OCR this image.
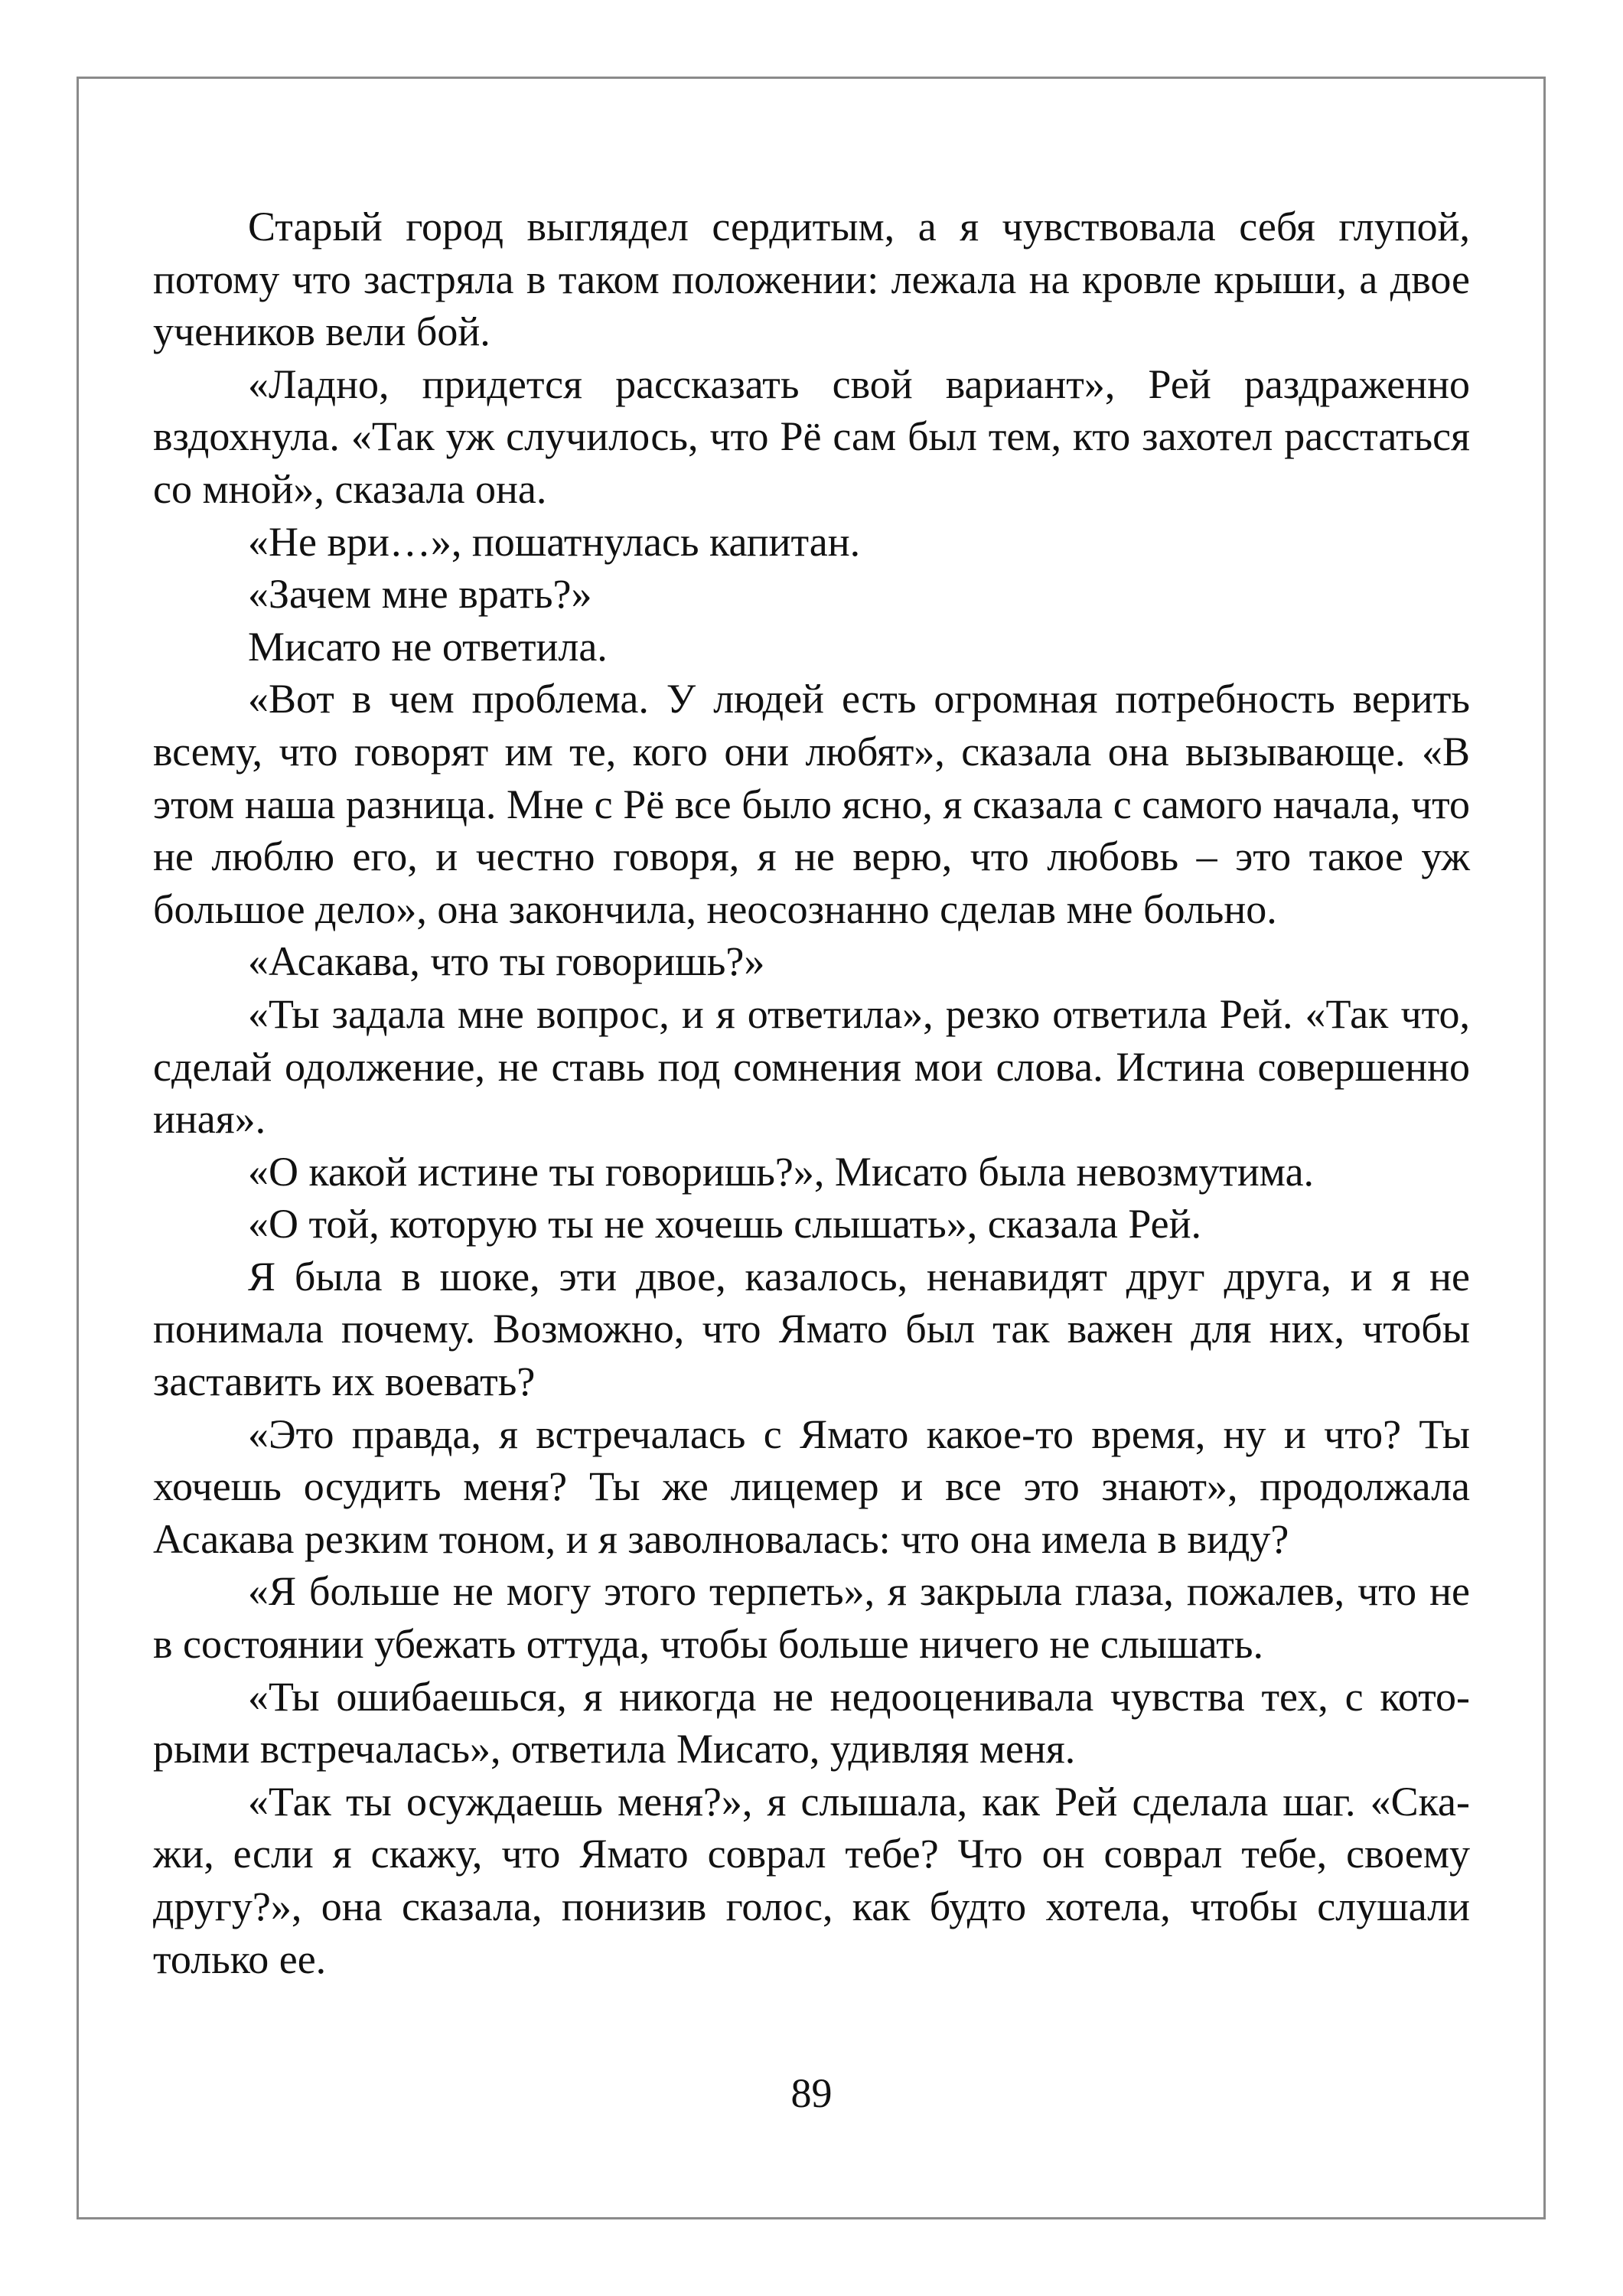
Старый город выглядел сердитым, а я чувствовала себя глупой, потому что застряла в таком положении: лежала на кровле крыши, а двое учеников вели бой.

«Ладно, придется рассказать свой вариант», Рей раздраженно вздохнула. «Так уж случилось, что Рё сам был тем, кто захотел расстаться со мной», сказала она.

«Не ври…», пошатнулась капитан.

«Зачем мне врать?»

Мисато не ответила.

«Вот в чем проблема. У людей есть огромная потребность верить всему, что говорят им те, кого они любят», сказала она вызывающе. «В этом наша разница. Мне с Рё все было ясно, я сказала с самого начала, что не люблю его, и честно говоря, я не верю, что любовь – это такое уж большое дело», она закончила, неосознанно сделав мне больно.

«Асакава, что ты говоришь?»

«Ты задала мне вопрос, и я ответила», резко ответила Рей. «Так что, сделай одолжение, не ставь под сомнения мои слова. Истина совершенно иная».

«О какой истине ты говоришь?», Мисато была невозмутима.

«О той, которую ты не хочешь слышать», сказала Рей.

Я была в шоке, эти двое, казалось, ненавидят друг друга, и я не понимала почему. Возможно, что Ямато был так важен для них, чтобы заставить их воевать?

«Это правда, я встречалась с Ямато какое-то время, ну и что? Ты хочешь осудить меня? Ты же лицемер и все это знают», продолжала Асакава резким тоном, и я заволновалась: что она имела в виду?

«Я больше не могу этого терпеть», я закрыла глаза, пожалев, что не в состоянии убежать оттуда, чтобы больше ничего не слышать.

«Ты ошибаешься, я никогда не недооценивала чувства тех, с которыми встречалась», ответила Мисато, удивляя меня.

«Так ты осуждаешь меня?», я слышала, как Рей сделала шаг. «Скажи, если я скажу, что Ямато соврал тебе? Что он соврал тебе, своему другу?», она сказала, понизив голос, как будто хотела, чтобы слушали только ее.

89
